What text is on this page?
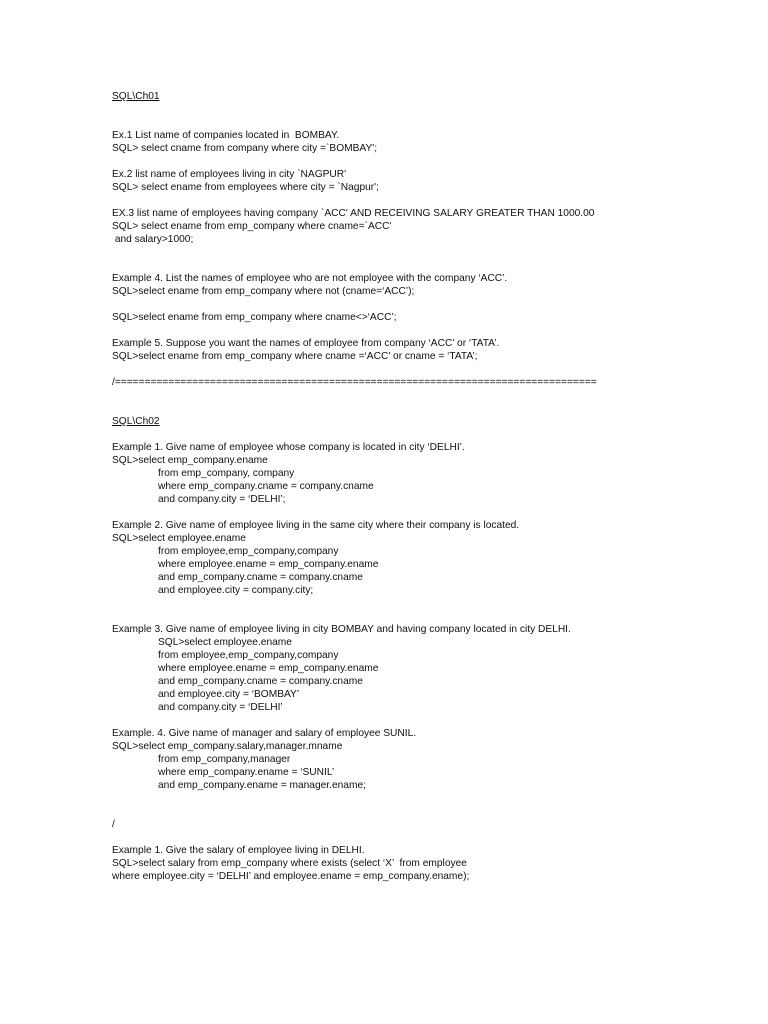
SQL\Ch01
Ex.1 List name of companies located in  BOMBAY.
SQL> select cname from company where city =`BOMBAY';
Ex.2 list name of employees living in city `NAGPUR'
SQL> select ename from employees where city = `Nagpur';
EX.3 list name of employees having company `ACC' AND RECEIVING SALARY GREATER THAN 1000.00
SQL> select ename from emp_company where cname=`ACC'
and salary>1000;
Example 4. List the names of employee who are not employee with the company ‘ACC’.
SQL>select ename from emp_company where not (cname=‘ACC’);
SQL>select ename from emp_company where cname<>‘ACC’;
Example 5. Suppose you want the names of employee from company ‘ACC’ or ‘TATA’.
SQL>select ename from emp_company where cname =‘ACC’ or cname = ‘TATA’;
/=================================================================================
SQL\Ch02
Example 1. Give name of employee whose company is located in city ‘DELHI’.
SQL>select emp_company.ename
from emp_company, company
where emp_company.cname = company.cname
and company.city = ‘DELHI’;
Example 2. Give name of employee living in the same city where their company is located.
SQL>select employee.ename
from employee,emp_company,company
where employee.ename = emp_company.ename
and emp_company.cname = company.cname
and employee.city = company.city;
Example 3. Give name of employee living in city BOMBAY and having company located in city DELHI.
SQL>select employee.ename
from employee,emp_company,company
where employee.ename = emp_company.ename
and emp_company.cname = company.cname
and employee.city = ‘BOMBAY’
and company.city = ‘DELHI’
Example. 4. Give name of manager and salary of employee SUNIL.
SQL>select emp_company.salary,manager.mname
from emp_company,manager
where emp_company.ename = ‘SUNIL’
and emp_company.ename = manager.ename;
/
Example 1. Give the salary of employee living in DELHI.
SQL>select salary from emp_company where exists (select ‘X’  from employee
where employee.city = ‘DELHI’ and employee.ename = emp_company.ename);
